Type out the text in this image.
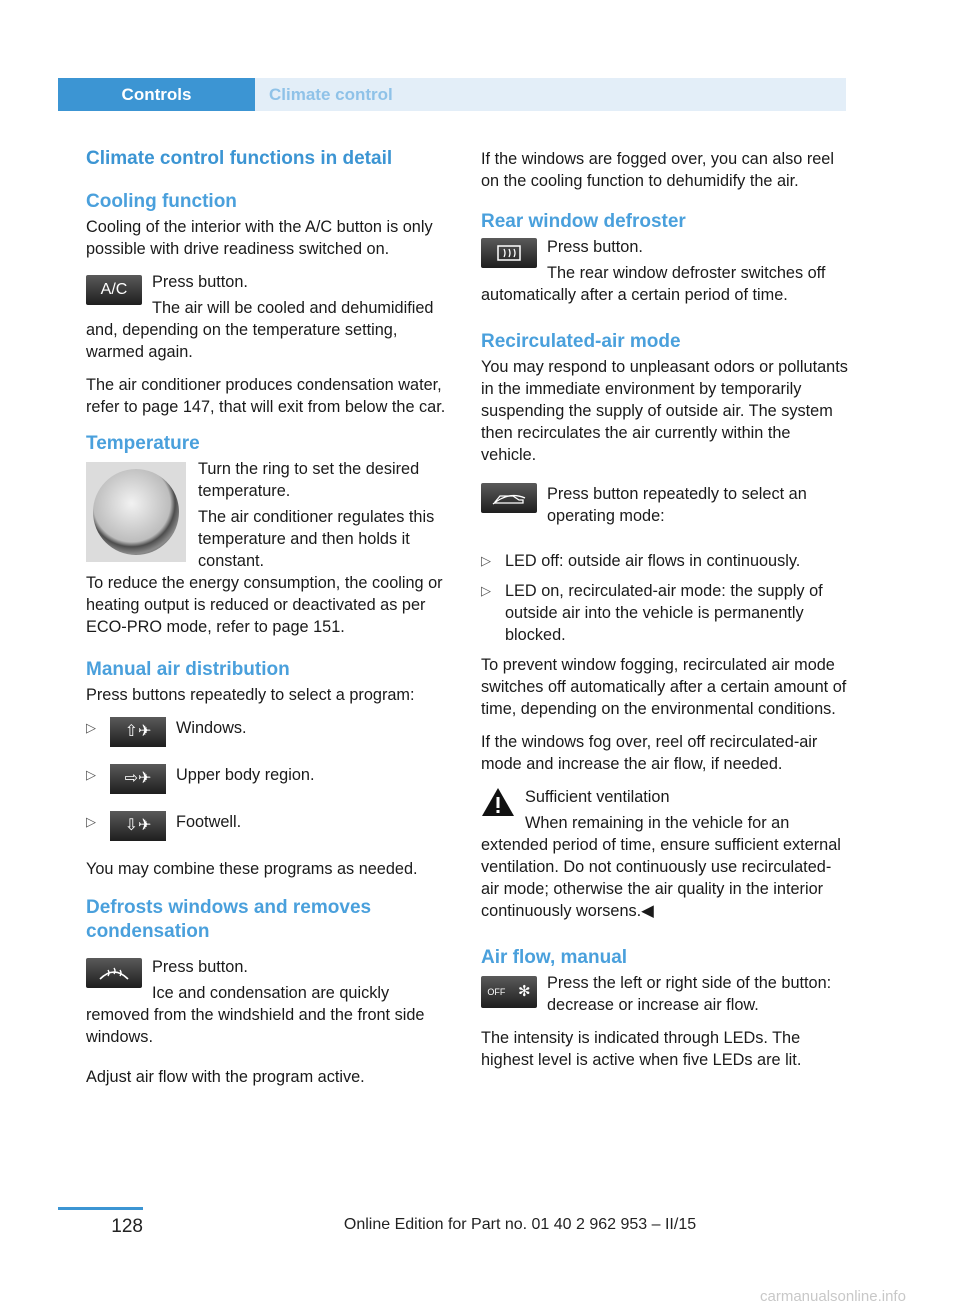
Controls	Climate control
Climate control functions in detail
Cooling function

Cooling of the interior with the A/C button is only possible with drive readiness switched on.

A/C	Press button.

The air will be cooled and dehumidified and, depending on the temperature setting, warmed again.

The air conditioner produces condensation water, refer to page 147, that will exit from below the car.

Temperature

Turn the ring to set the desired temperature.

The air conditioner regulates this temperature and then holds it constant.

To reduce the energy consumption, the cooling or heating output is reduced or deactivated as per ECO-PRO mode, refer to page 151.

Manual air distribution

Press buttons repeatedly to select a program:

▷	⇧✈	Windows.
▷	⇨✈	Upper body region.
▷	⇩✈	Footwell.

You may combine these programs as needed.

Defrosts windows and removes condensation

Press button.

Ice and condensation are quickly removed from the windshield and the front side windows.

Adjust air flow with the program active.

If the windows are fogged over, you can also reel on the cooling function to dehumidify the air.

Rear window defroster

Press button.

The rear window defroster switches off automatically after a certain period of time.

Recirculated-air mode

You may respond to unpleasant odors or pollutants in the immediate environment by temporarily suspending the supply of outside air. The system then recirculates the air currently within the vehicle.

Press button repeatedly to select an operating mode:

▷ LED off: outside air flows in continuously.
▷ LED on, recirculated-air mode: the supply of outside air into the vehicle is permanently blocked.

To prevent window fogging, recirculated air mode switches off automatically after a certain amount of time, depending on the environmental conditions.

If the windows fog over, reel off recirculated-air mode and increase the air flow, if needed.

Sufficient ventilation

When remaining in the vehicle for an extended period of time, ensure sufficient external ventilation. Do not continuously use recirculated-air mode; otherwise the air quality in the interior continuously worsens.◀

Air flow, manual
OFF ✻	Press the left or right side of the button: decrease or increase air flow.

The intensity is indicated through LEDs. The highest level is active when five LEDs are lit.

128	Online Edition for Part no. 01 40 2 962 953 – II/15
carmanualsonline.info
